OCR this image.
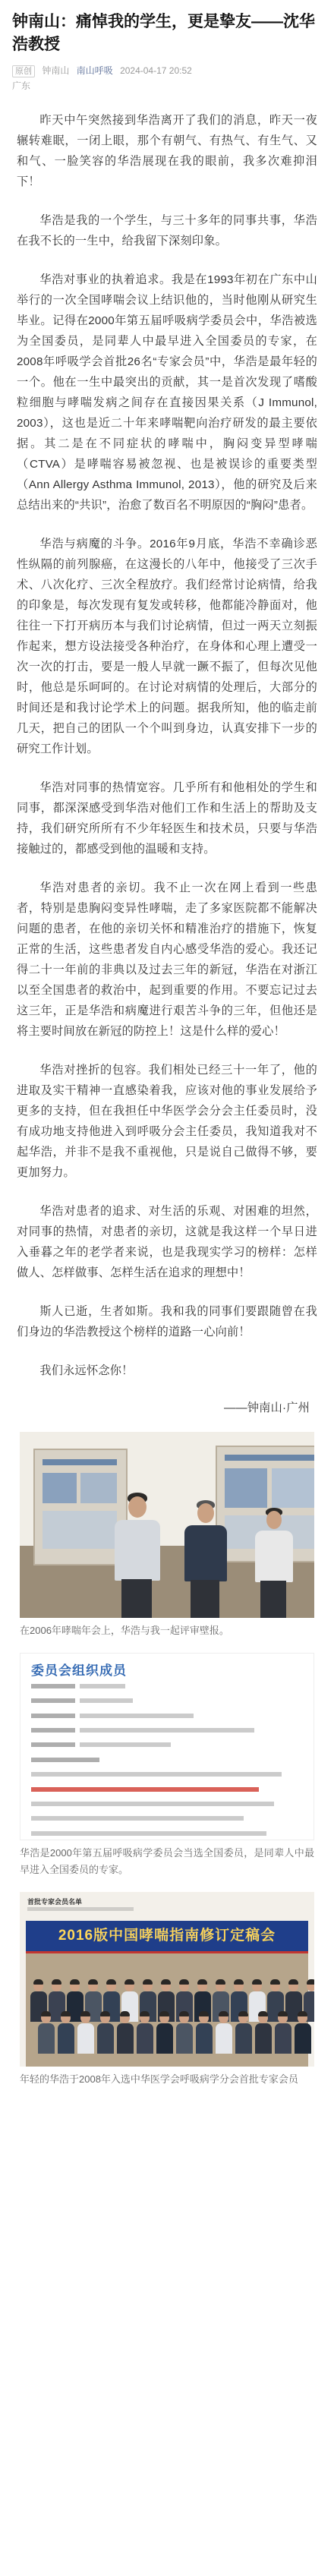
钟南山：痛悼我的学生，更是挚友——沈华浩教授
原创 钟南山 南山呼吸 2024-04-17 20:52
广东

昨天中午突然接到华浩离开了我们的消息，昨天一夜辗转难眠，一闭上眼，那个有朝气、有热气、有生气、又和气、一脸笑容的华浩展现在我的眼前，我多次难抑泪下！

华浩是我的一个学生，与三十多年的同事共事，华浩在我不长的一生中，给我留下深刻印象。

华浩对事业的执着追求。我是在1993年初在广东中山举行的一次全国哮喘会议上结识他的，当时他刚从研究生毕业。记得在2000年第五届呼吸病学委员会中，华浩被选为全国委员，是同辈人中最早进入全国委员的专家，在2008年呼吸学会首批26名“专家会员”中，华浩是最年轻的一个。他在一生中最突出的贡献，其一是首次发现了嗜酸粒细胞与哮喘发病之间存在直接因果关系（J Immunol, 2003），这也是近二十年来哮喘靶向治疗研发的最主要依据。其二是在不同症状的哮喘中，胸闷变异型哮喘（CTVA）是哮喘容易被忽视、也是被误诊的重要类型（Ann Allergy Asthma Immunol, 2013），他的研究及后来总结出来的“共识”，治愈了数百名不明原因的“胸闷”患者。

华浩与病魔的斗争。2016年9月底，华浩不幸确诊恶性纵隔的前列腺癌，在这漫长的八年中，他接受了三次手术、八次化疗、三次全程放疗。我们经常讨论病情，给我的印象是，每次发现有复发或转移，他都能冷静面对，他往往一下打开病历本与我们讨论病情，但过一两天立刻振作起来，想方设法接受各种治疗，在身体和心理上遭受一次一次的打击，要是一般人早就一蹶不振了，但每次见他时，他总是乐呵呵的。在讨论对病情的处理后，大部分的时间还是和我讨论学术上的问题。据我所知，他的临走前几天，把自己的团队一个个叫到身边，认真安排下一步的研究工作计划。

华浩对同事的热情宽容。几乎所有和他相处的学生和同事，都深深感受到华浩对他们工作和生活上的帮助及支持，我们研究所所有不少年轻医生和技术员，只要与华浩接触过的，都感受到他的温暖和支持。

华浩对患者的亲切。我不止一次在网上看到一些患者，特别是患胸闷变异性哮喘，走了多家医院都不能解决问题的患者，在他的亲切关怀和精准治疗的措施下，恢复正常的生活，这些患者发自内心感受华浩的爱心。我还记得二十一年前的非典以及过去三年的新冠，华浩在对浙江以至全国患者的救治中，起到重要的作用。不要忘记过去这三年，正是华浩和病魔进行艰苦斗争的三年，但他还是将主要时间放在新冠的防控上！这是什么样的爱心！

华浩对挫折的包容。我们相处已经三十一年了，他的进取及实干精神一直感染着我，应该对他的事业发展给予更多的支持，但在我担任中华医学会分会主任委员时，没有成功地支持他进入到呼吸分会主任委员，我知道我对不起华浩，并非不是我不重视他，只是说自己做得不够，要更加努力。

华浩对患者的追求、对生活的乐观、对困难的坦然，对同事的热情，对患者的亲切，这就是我这样一个早日进入垂暮之年的老学者来说，也是我现实学习的榜样：怎样做人、怎样做事、怎样生活在追求的理想中！

斯人已逝，生者如斯。我和我的同事们要跟随曾在我们身边的华浩教授这个榜样的道路一心向前！

我们永远怀念你！

——钟南山·广州
在2006年哮喘年会上，华浩与我一起评审壁报。
委员会组织成员
华浩是2000年第五届呼吸病学委员会当选全国委员，是同辈人中最早进入全国委员的专家。
首批专家会员名单
2016版中国哮喘指南修订定稿会
年轻的华浩于2008年入选中华医学会呼吸病学分会首批专家会员
